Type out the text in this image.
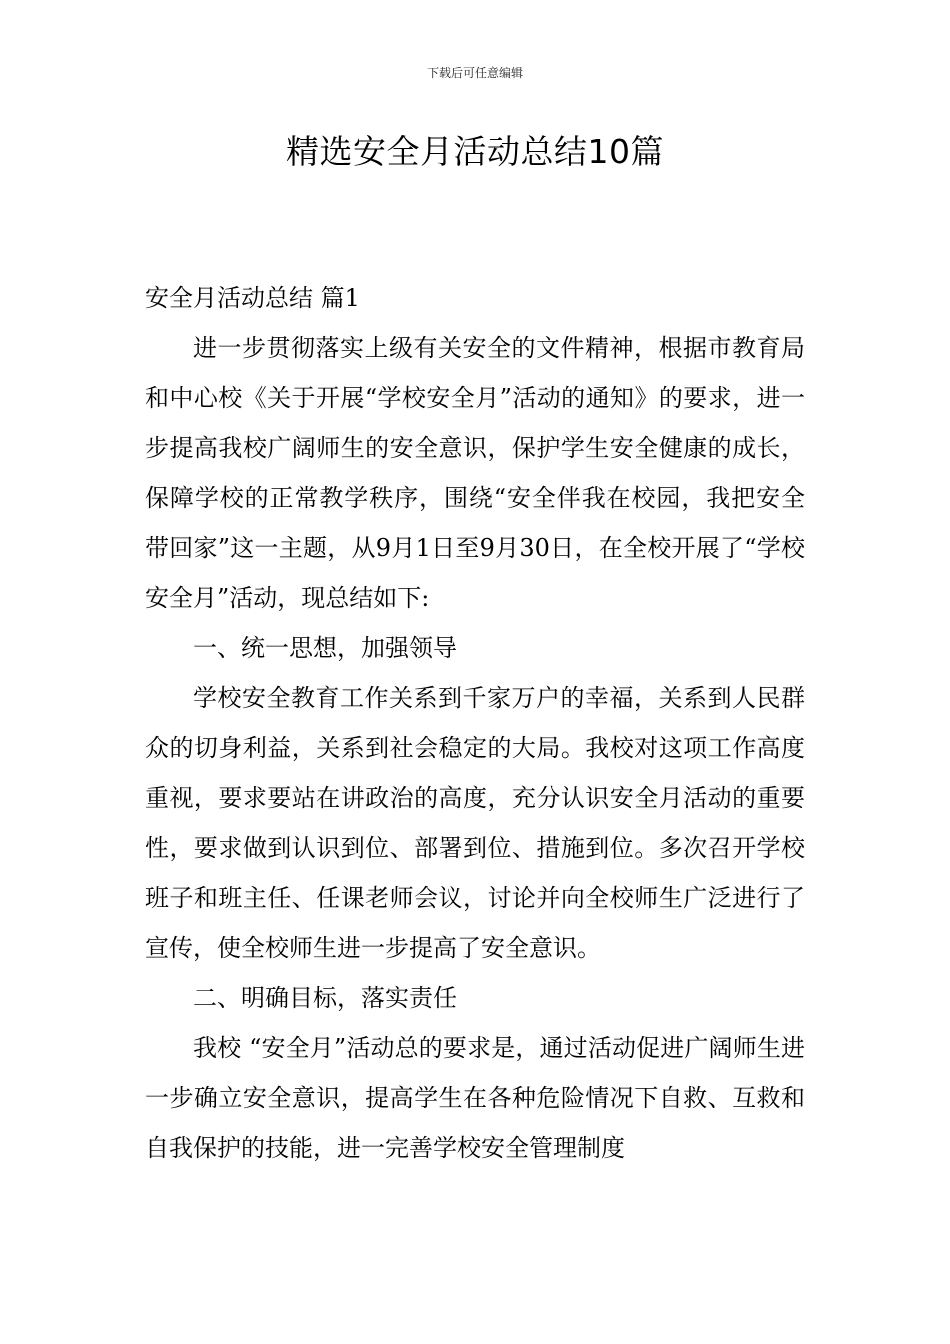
下载后可任意编辑
精选安全月活动总结10篇

安全月活动总结 篇1

进一步贯彻落实上级有关安全的文件精神，根据市教育局和中心校《关于开展“学校安全月”活动的通知》的要求，进一步提高我校广阔师生的安全意识，保护学生安全健康的成长，保障学校的正常教学秩序，围绕“安全伴我在校园，我把安全带回家”这一主题，从9月1日至9月30日，在全校开展了“学校安全月”活动，现总结如下:

一、统一思想，加强领导

学校安全教育工作关系到千家万户的幸福，关系到人民群众的切身利益，关系到社会稳定的大局。我校对这项工作高度重视，要求要站在讲政治的高度，充分认识安全月活动的重要性，要求做到认识到位、部署到位、措施到位。多次召开学校班子和班主任、任课老师会议，讨论并向全校师生广泛进行了宣传，使全校师生进一步提高了安全意识。

二、明确目标，落实责任

我校 “安全月”活动总的要求是，通过活动促进广阔师生进一步确立安全意识，提高学生在各种危险情况下自救、互救和自我保护的技能，进一完善学校安全管理制度
